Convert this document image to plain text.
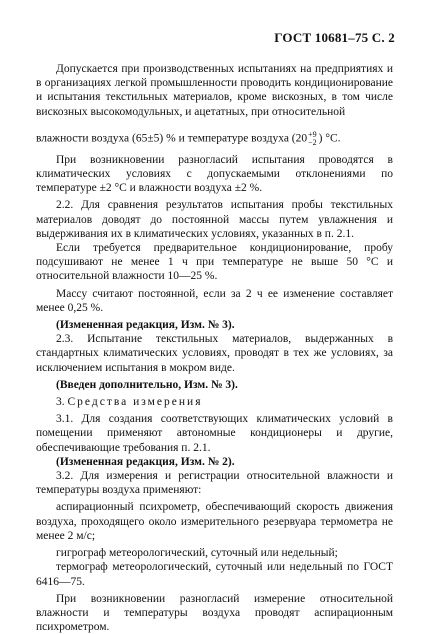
ГОСТ 10681–75 С. 2

Допускается при производственных испытаниях на предприятиях и в организациях легкой промышленности проводить кондиционирование и испытания текстильных материалов, кроме вискозных, в том числе вискозных высокомодульных, и ацетатных, при относительной

влажности воздуха (65±5) % и температуре воздуха (20 +9
−2 ) °С.

При возникновении разногласий испытания проводятся в климатических условиях с допускаемыми отклонениями по температуре ±2 °С и влажности воздуха ±2 %.

2.2. Для сравнения результатов испытания пробы текстильных материалов доводят до постоянной массы путем увлажнения и выдерживания их в климатических условиях, указанных в п. 2.1.

Если требуется предварительное кондиционирование, пробу подсушивают не менее 1 ч при температуре не выше 50 °С и относительной влажности 10—25 %.

Массу считают постоянной, если за 2 ч ее изменение составляет менее 0,25 %.

(Измененная редакция, Изм. № 3).

2.3. Испытание текстильных материалов, выдержанных в стандартных климатических условиях, проводят в тех же условиях, за исключением испытания в мокром виде.

(Введен дополнительно, Изм. № 3).

3. Средства измерения

3.1. Для создания соответствующих климатических условий в помещении применяют автономные кондиционеры и другие, обеспечивающие требования п. 2.1.

(Измененная редакция, Изм. № 2).

3.2. Для измерения и регистрации относительной влажности и температуры воздуха применяют:

аспирационный психрометр, обеспечивающий скорость движения воздуха, проходящего около измерительного резервуара термометра не менее 2 м/с;

гигрограф метеорологический, суточный или недельный;

термограф метеорологический, суточный или недельный по ГОСТ 6416—75.

При возникновении разногласий измерение относительной влажности и температуры воздуха проводят аспирационным психрометром.
